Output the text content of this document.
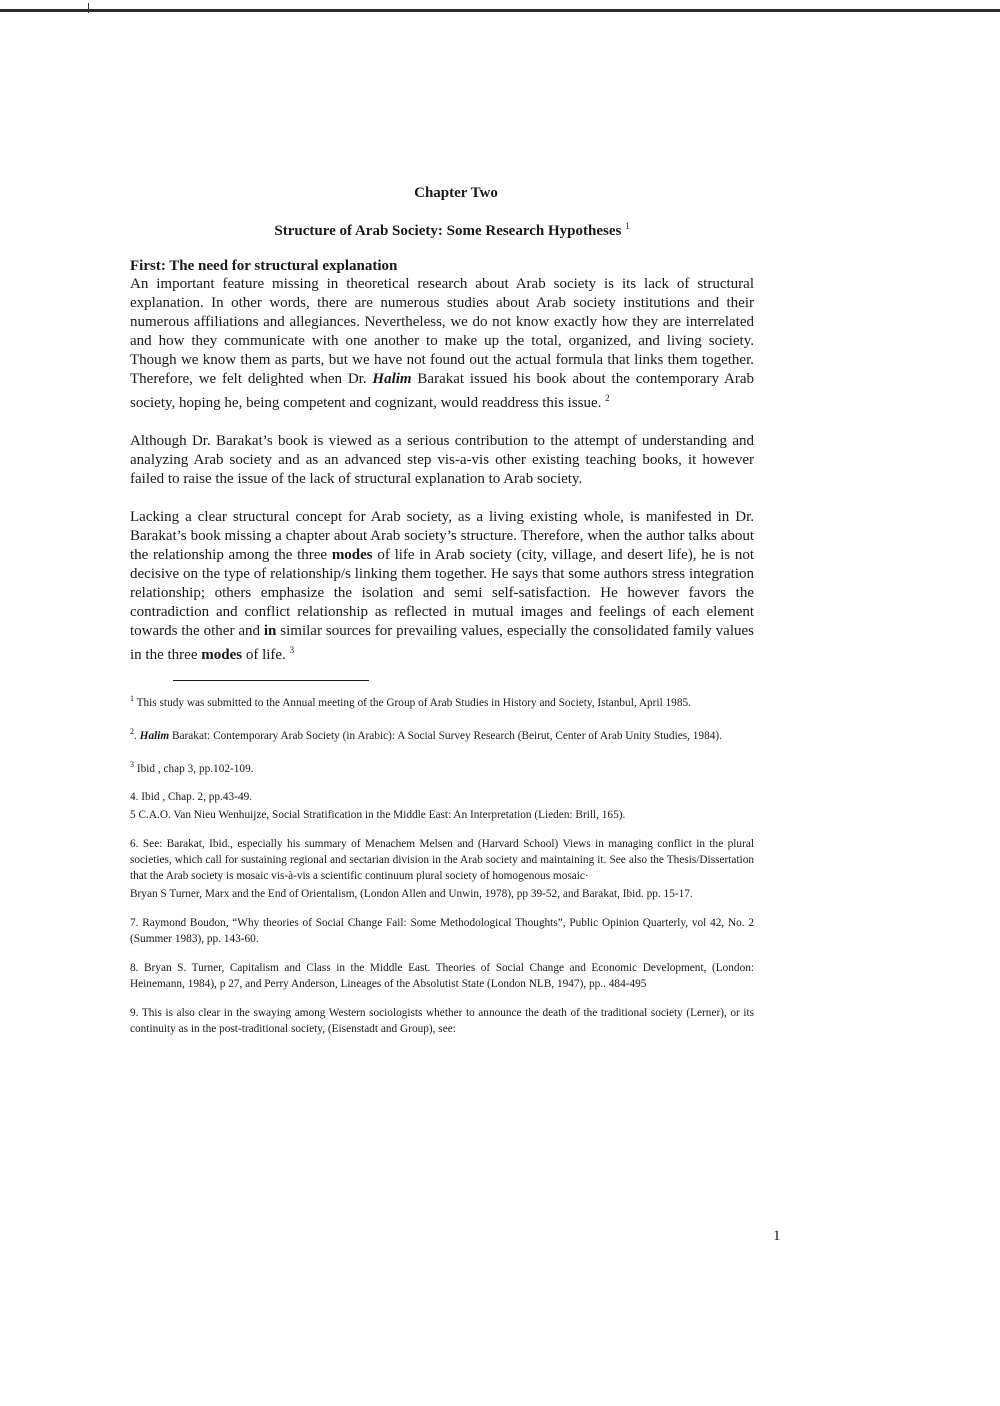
Chapter Two
Structure of Arab Society: Some Research Hypotheses $^1$
First: The need for structural explanation

An important feature missing in theoretical research about Arab society is its lack of structural explanation. In other words, there are numerous studies about Arab society institutions and their numerous affiliations and allegiances. Nevertheless, we do not know exactly how they are interrelated and how they communicate with one another to make up the total, organized, and living society. Though we know them as parts, but we have not found out the actual formula that links them together. Therefore, we felt delighted when Dr. Halim Barakat issued his book about the contemporary Arab society, hoping he, being competent and cognizant, would readdress this issue. $^2$

Although Dr. Barakat’s book is viewed as a serious contribution to the attempt of understanding and analyzing Arab society and as an advanced step vis-a-vis other existing teaching books, it however failed to raise the issue of the lack of structural explanation to Arab society.

Lacking a clear structural concept for Arab society, as a living existing whole, is manifested in Dr. Barakat’s book missing a chapter about Arab society’s structure. Therefore, when the author talks about the relationship among the three modes of life in Arab society (city, village, and desert life), he is not decisive on the type of relationship/s linking them together. He says that some authors stress integration relationship; others emphasize the isolation and semi self-satisfaction. He however favors the contradiction and conflict relationship as reflected in mutual images and feelings of each element towards the other and in similar sources for prevailing values, especially the consolidated family values in the three modes of life. $^3$

$^1$ This study was submitted to the Annual meeting of the Group of Arab Studies in History and Society, Istanbul, April 1985.

$^2$. Halim Barakat: Contemporary Arab Society (in Arabic): A Social Survey Research (Beirut, Center of Arab Unity Studies, 1984).

$^3$ Ibid , chap 3, pp.102-109.

4. Ibid , Chap. 2, pp.43-49.

5 C.A.O. Van Nieu Wenhuijze, Social Stratification in the Middle East: An Interpretation (Lieden: Brill, 165).

6. See: Barakat, Ibid., especially his summary of Menachem Melsen and (Harvard School) Views in managing conflict in the plural societies, which call for sustaining regional and sectarian division in the Arab society and maintaining it. See also the Thesis/Dissertation that the Arab society is mosaic vis-à-vis a scientific continuum plural society of homogenous mosaic·

Bryan S Turner, Marx and the End of Orientalism, (London Allen and Unwin, 1978), pp 39-52, and Barakat, Ibid. pp. 15-17.

7. Raymond Boudon, “Why theories of Social Change Fail: Some Methodological Thoughts”, Public Opinion Quarterly, vol 42, No. 2 (Summer 1983), pp. 143-60.

8. Bryan S. Turner, Capitalism and Class in the Middle East. Theories of Social Change and Economic Development, (London: Heinemann, 1984), p 27, and Perry Anderson, Lineages of the Absolutist State (London NLB, 1947), pp.. 484-495

9. This is also clear in the swaying among Western sociologists whether to announce the death of the traditional society (Lerner), or its continuity as in the post-traditional society, (Eisenstadt and Group), see:

1
